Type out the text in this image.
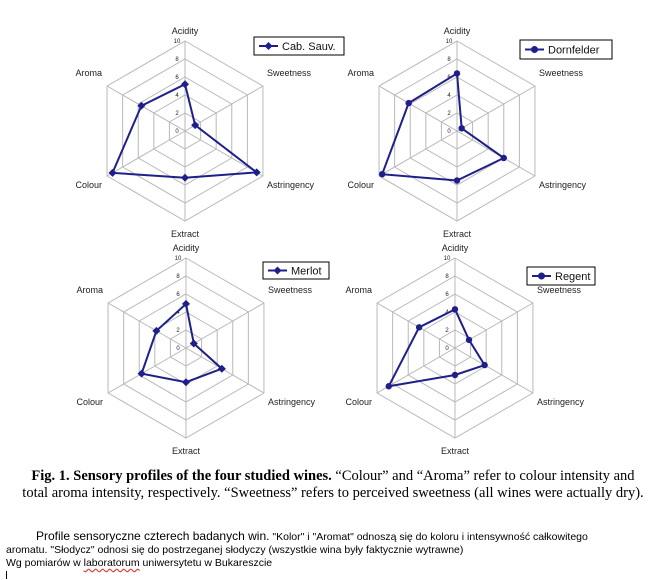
0
2
4
6
8
10
Acidity
Sweetness
Astringency
Extract
Colour
Aroma
Cab. Sauv.
0
2
4
6
8
10
Acidity
Sweetness
Astringency
Extract
Colour
Aroma
Dornfelder
0
2
4
6
8
10
Acidity
Sweetness
Astringency
Extract
Colour
Aroma
Merlot
0
2
4
6
8
10
Acidity
Sweetness
Astringency
Extract
Colour
Aroma
Regent

Fig. 1. Sensory profiles of the four studied wines. “Colour” and “Aroma” refer to colour intensity and total aroma intensity, respectively. “Sweetness” refers to perceived sweetness (all wines were actually dry).

Profile sensoryczne czterech badanych win. "Kolor" i "Aromat" odnoszą się do koloru i intensywność całkowitego
aromatu. "Słodycz" odnosi się do postrzeganej słodyczy (wszystkie wina były faktycznie wytrawne)
Wg pomiarów w laboratorum uniwersytetu w Bukareszcie
